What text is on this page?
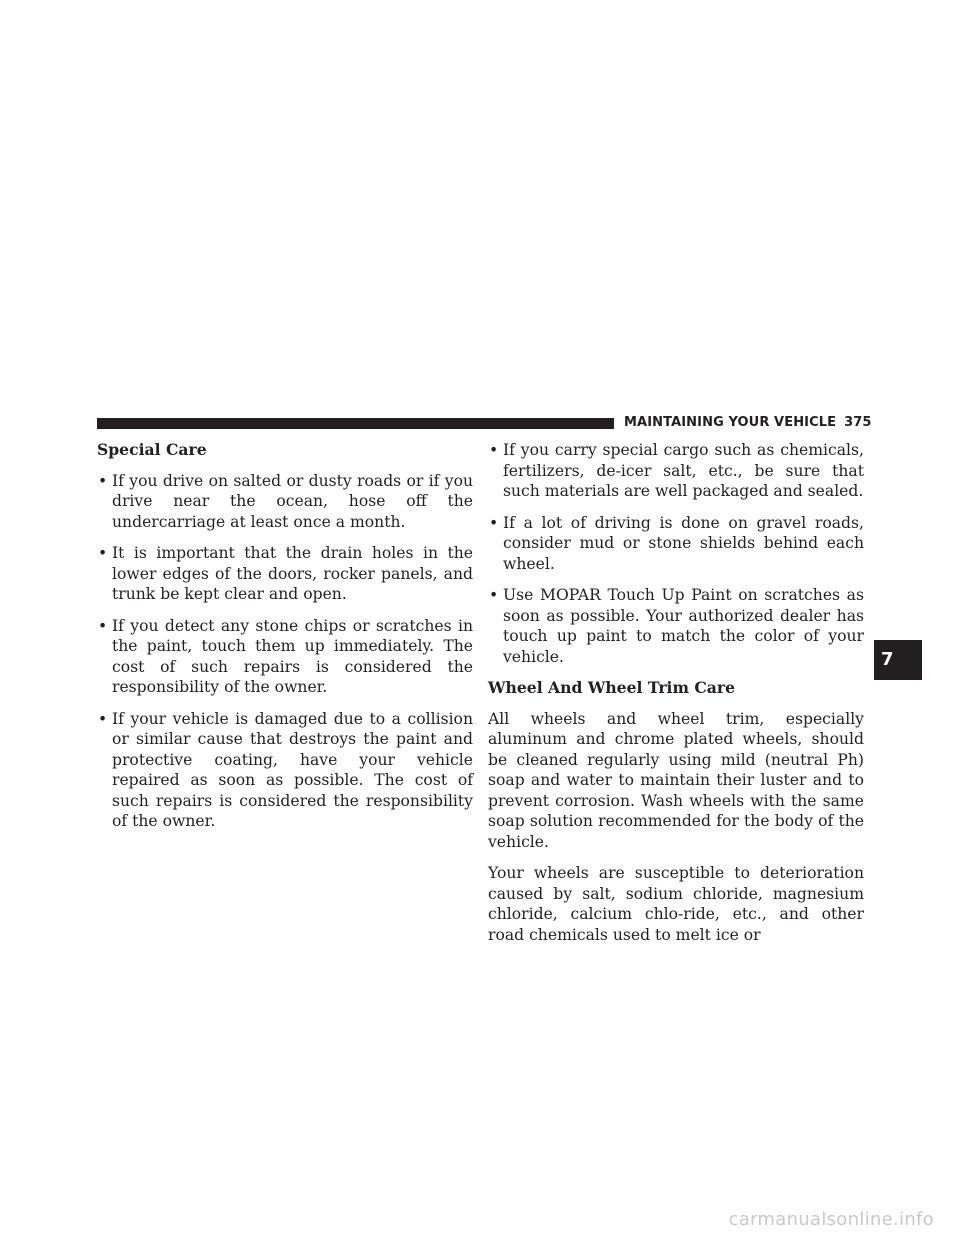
MAINTAINING YOUR VEHICLE 375
Special Care
• If you drive on salted or dusty roads or if you drive near the ocean, hose off the undercarriage at least once a month.
• It is important that the drain holes in the lower edges of the doors, rocker panels, and trunk be kept clear and open.
• If you detect any stone chips or scratches in the paint, touch them up immediately. The cost of such repairs is considered the responsibility of the owner.
• If your vehicle is damaged due to a collision or similar cause that destroys the paint and protective coating, have your vehicle repaired as soon as possible. The cost of such repairs is considered the responsibility of the owner.
• If you carry special cargo such as chemicals, fertilizers, de-icer salt, etc., be sure that such materials are well packaged and sealed.
• If a lot of driving is done on gravel roads, consider mud or stone shields behind each wheel.
• Use MOPAR Touch Up Paint on scratches as soon as possible. Your authorized dealer has touch up paint to match the color of your vehicle.
Wheel And Wheel Trim Care

All wheels and wheel trim, especially aluminum and chrome plated wheels, should be cleaned regularly using mild (neutral Ph) soap and water to maintain their luster and to prevent corrosion. Wash wheels with the same soap solution recommended for the body of the vehicle.

Your wheels are susceptible to deterioration caused by salt, sodium chloride, magnesium chloride, calcium chlo-ride, etc., and other road chemicals used to melt ice or

7
carmanualsonline.info
